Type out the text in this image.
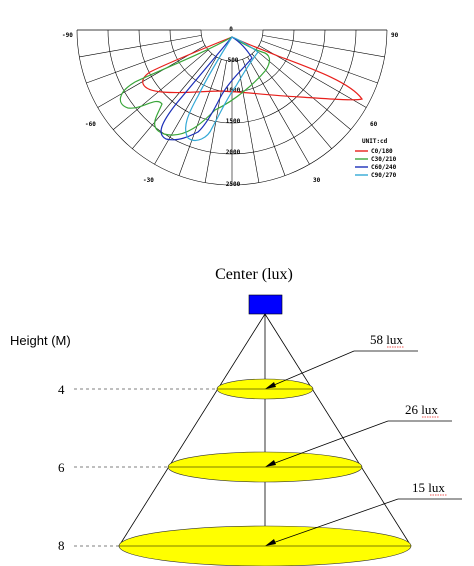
0
90
-90
60
-60
30
-30
500
1000
1500
2000
2500
UNIT:cd
C0/180
C30/210
C60/240
C90/270
Center (lux)
Height (M)
4
6
8
58 lux
26 lux
15 lux
